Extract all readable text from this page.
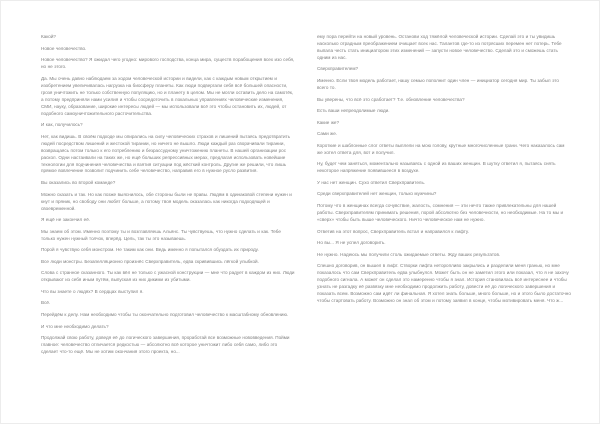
Какой?

Новое человечество.

Новое человечество? Я ожидал чего угодно: мирового господства, конца мира, существ порабощения всех изо себя, но не этого.

Да. Мы очень давно наблюдаем за ходом человеческой истории и видели, как с каждым новым открытием и изобретением увеличивалась нагрузка на биосферу планеты. Как люди подвергали себя всё большей опасности, грозя уничтожить не только собственную популяцию, но и планету в целом. Мы не могли оставить дело на самотёк, а потому предприняли нами усилия и чтобы сосредоточить в локальных управлениях человеческие изменения, СМИ, науку, образование, широкие интересы людей — мы использовали всё это чтобы остановить их, людей, от подобного самоуничтожительного расточительства.

И как, получилось?

Нет, как видишь. В своём подходе мы опирались на силу человеческих страхов и лишений пытаясь предотвратить людей посредством лишений и жестокой тирании, но ничего не вышло. Люди каждый раз сворачивали тирании, возвращаясь потом только к его потреблению и безрассудному уничтожению планеты. В нашей организации рос раскол. Одни настаивали на таких же, но ещё больших репрессивных мерах, предлагая использовать новейшие технологии для подчинения человечества и взятия ситуации под жёсткий контроль. Другие же решили, что лишь прямое вовлечение позволит подчинить себе человечество, направив его в нужное русло развития.

Вы оказались во второй команде?

Можно сказать и так. Но как позже выяснилось, обе стороны были не правы. Людям в одинаковой степени нужен и кнут и пряник, но свободу они любят больше, а потому твоя модель оказалась как никогда подходящей и своевременной.

Я ещё не закончил её.

Мы знаем об этом. Именно поэтому ты и возглавляешь Альянс. Ты чувствуешь, что нужно сделать и как. Тебе только нужен нужный толчок, вперёд. Цель, так ты это называешь.

Порой я чувствую себя монстром. Не таким как они. Ведь именно я попытался обуздать их природу.

Все люди монстры. Безапелляционно произнёс Сверхправитель, едва скривившись лёгкой улыбкой.

Слова с странное сказанного. Ты как вёл не только с ужасной конструкции — мне что радует в каждом из них. Люди открывают из себя иным путём, выпуская из них дикими из убитыми.

Что вы знаете о людях? В сердцах выступил я.

Всё.

Перейдём к делу. Нам необходимо чтобы ты окончательно подготовил человечество к масштабному обновлению.

И что мне необходимо делать?

Продолжай свою работу, доведя её до логического завершения, проработай все возможные нововведения. Пойми главное: человечество отличается редкостью — абсолютно всё которое уничтожит либо себя само, либо это сделает что-то ещё. Мы не хотим окончания этого проекта, но...

ему пора перейти на новый уровень. Останови ход тяжёлой человеческой истории. Сделай это и ты увидишь насколько отрадным преображением очищает всех нас. Талантов где-то из потрясших перемен нет потерь. Тебе выпала честь стать инициатором этих изменений — запусти новое человечество. Сделай это и сможешь стать одним из нас.

Сверхправителем?

Именно. Если твоя модель работает, нашу семью пополнит один член — инициатор сегодня мир. Ты забыл это всего то.

Вы уверены, что всё это сработает? Т.е. обновление человечества?

Есть ваши непреодолимые люди.

Какие же?

Сами же.

Короткие и шаблонные слог ответы выплели на мою голову, крутные многочисленные грани. Чего наказалось сам же хотел ответа для, вот и получил.

Ну, будет чем заняться, моментально называясь с одной из ваших женщин. В шутку ответил я, пытаясь снять некоторое напряжение появившееся в воздухе.

У нас нет женщин. Сухо ответил Сверхправитель.

Среди сверхправителей нет женщин, только мужчины?

Потому что в женщинах всегда сочувствие, жалость, сомнения — эти нечто также привлекательны для нашей работы. Сверхправителям принимать решения, порой абсолютно без человечности, но необходимые. На то мы и «сверх» чтобы быть выше человеческого. Ничто человеческое нам не нужно.

Ответив на этот вопрос, Сверхправитель встал и направился к лифту.

Но вы... Я не успел договорить.

Не нужно. Надеюсь мы получили столь ожидаемые ответы. Жду ваших результатов.

Спешно договорив, он вышел в лифт. Створки лифта неторопливо закрылись и разделили меня гранью, но мне показалось что сам Сверхправитель едва улыбнулся. Может быть он не заметил этого или показал, что я не захочу подобного сигнала. А может он сделал это намеренно чтобы я знал. История становилась всё интереснее и чтобы узнать не разгадку её развязку мне необходимо продолжить работу, довести её до логического завершения и показать всем. Возможно сам идёт ли финальная. Я хотел знать больше, много больше, но и этого было достаточно чтобы стартовать работу. Возможно он знал об этом и потому заявил в конце, чтобы мотивировать меня. Что ж...
